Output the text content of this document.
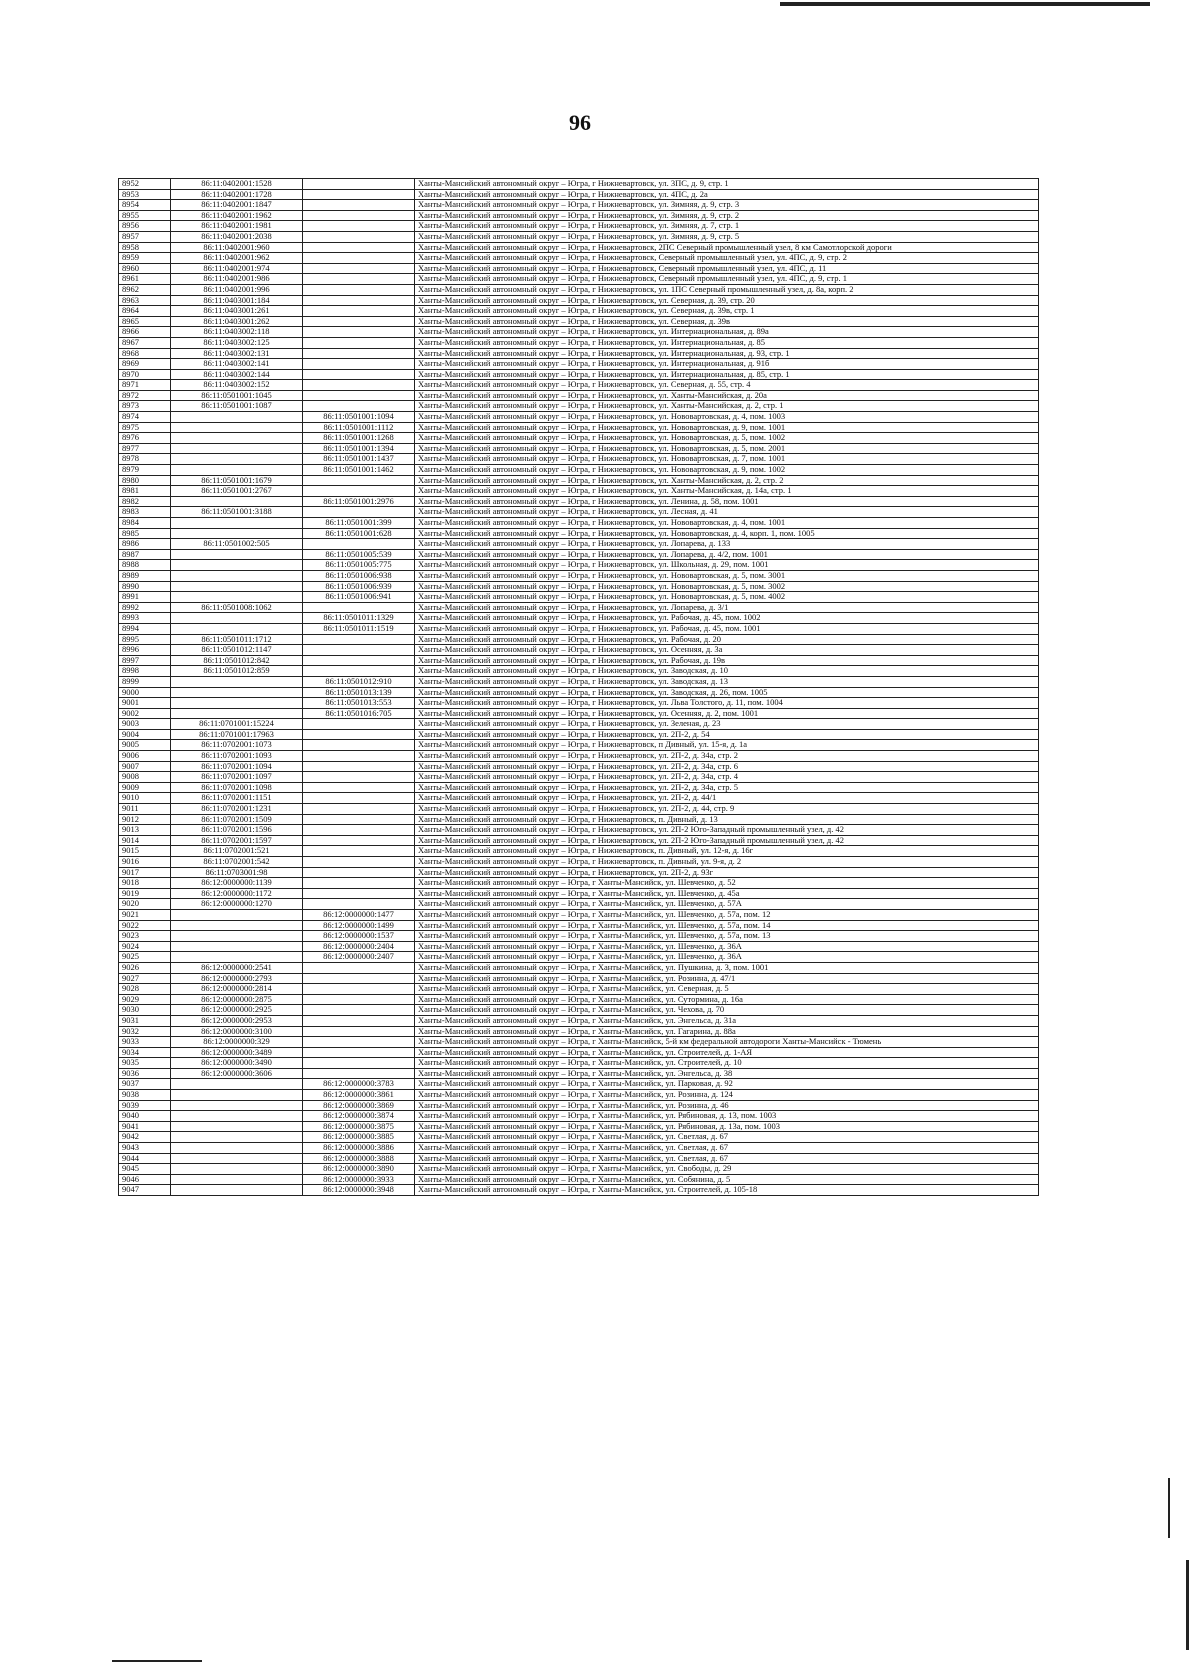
96
8952	86:11:0402001:1528		Ханты-Мансийский автономный округ – Югра, г Нижневартовск, ул. 3ПС, д. 9, стр. 1
8953	86:11:0402001:1728		Ханты-Мансийский автономный округ – Югра, г Нижневартовск, ул. 4ПС, д. 2а
8954	86:11:0402001:1847		Ханты-Мансийский автономный округ – Югра, г Нижневартовск, ул. Зимняя, д. 9, стр. 3
8955	86:11:0402001:1962		Ханты-Мансийский автономный округ – Югра, г Нижневартовск, ул. Зимняя, д. 9, стр. 2
8956	86:11:0402001:1981		Ханты-Мансийский автономный округ – Югра, г Нижневартовск, ул. Зимняя, д. 7, стр. 1
8957	86:11:0402001:2038		Ханты-Мансийский автономный округ – Югра, г Нижневартовск, ул. Зимняя, д. 9, стр. 5
8958	86:11:0402001:960		Ханты-Мансийский автономный округ – Югра, г Нижневартовск, 2ПС Северный промышленный узел, 8 км Самотлорской дороги
8959	86:11:0402001:962		Ханты-Мансийский автономный округ – Югра, г Нижневартовск, Северный промышленный узел, ул. 4ПС, д. 9, стр. 2
8960	86:11:0402001:974		Ханты-Мансийский автономный округ – Югра, г Нижневартовск, Северный промышленный узел, ул. 4ПС, д. 11
8961	86:11:0402001:986		Ханты-Мансийский автономный округ – Югра, г Нижневартовск, Северный промышленный узел, ул. 4ПС, д. 9, стр. 1
8962	86:11:0402001:996		Ханты-Мансийский автономный округ – Югра, г Нижневартовск, ул. 1ПС Северный промышленный узел, д. 8а, корп. 2
8963	86:11:0403001:184		Ханты-Мансийский автономный округ – Югра, г Нижневартовск, ул. Северная, д. 39, стр. 20
8964	86:11:0403001:261		Ханты-Мансийский автономный округ – Югра, г Нижневартовск, ул. Северная, д. 39в, стр. 1
8965	86:11:0403001:262		Ханты-Мансийский автономный округ – Югра, г Нижневартовск, ул. Северная, д. 39в
8966	86:11:0403002:118		Ханты-Мансийский автономный округ – Югра, г Нижневартовск, ул. Интернациональная, д. 89а
8967	86:11:0403002:125		Ханты-Мансийский автономный округ – Югра, г Нижневартовск, ул. Интернациональная, д. 85
8968	86:11:0403002:131		Ханты-Мансийский автономный округ – Югра, г Нижневартовск, ул. Интернациональная, д. 93, стр. 1
8969	86:11:0403002:141		Ханты-Мансийский автономный округ – Югра, г Нижневартовск, ул. Интернациональная, д. 91б
8970	86:11:0403002:144		Ханты-Мансийский автономный округ – Югра, г Нижневартовск, ул. Интернациональная, д. 85, стр. 1
8971	86:11:0403002:152		Ханты-Мансийский автономный округ – Югра, г Нижневартовск, ул. Северная, д. 55, стр. 4
8972	86:11:0501001:1045		Ханты-Мансийский автономный округ – Югра, г Нижневартовск, ул. Ханты-Мансийская, д. 20а
8973	86:11:0501001:1087		Ханты-Мансийский автономный округ – Югра, г Нижневартовск, ул. Ханты-Мансийская, д. 2, стр. 1
8974		86:11:0501001:1094	Ханты-Мансийский автономный округ – Югра, г Нижневартовск, ул. Нововартовская, д. 4, пом. 1003
8975		86:11:0501001:1112	Ханты-Мансийский автономный округ – Югра, г Нижневартовск, ул. Нововартовская, д. 9, пом. 1001
8976		86:11:0501001:1268	Ханты-Мансийский автономный округ – Югра, г Нижневартовск, ул. Нововартовская, д. 5, пом. 1002
8977		86:11:0501001:1394	Ханты-Мансийский автономный округ – Югра, г Нижневартовск, ул. Нововартовская, д. 5, пом. 2001
8978		86:11:0501001:1437	Ханты-Мансийский автономный округ – Югра, г Нижневартовск, ул. Нововартовская, д. 7, пом. 1001
8979		86:11:0501001:1462	Ханты-Мансийский автономный округ – Югра, г Нижневартовск, ул. Нововартовская, д. 9, пом. 1002
8980	86:11:0501001:1679		Ханты-Мансийский автономный округ – Югра, г Нижневартовск, ул. Ханты-Мансийская, д. 2, стр. 2
8981	86:11:0501001:2767		Ханты-Мансийский автономный округ – Югра, г Нижневартовск, ул. Ханты-Мансийская, д. 14а, стр. 1
8982		86:11:0501001:2976	Ханты-Мансийский автономный округ – Югра, г Нижневартовск, ул. Ленина, д. 58, пом. 1001
8983	86:11:0501001:3188		Ханты-Мансийский автономный округ – Югра, г Нижневартовск, ул. Лесная, д. 41
8984		86:11:0501001:399	Ханты-Мансийский автономный округ – Югра, г Нижневартовск, ул. Нововартовская, д. 4, пом. 1001
8985		86:11:0501001:628	Ханты-Мансийский автономный округ – Югра, г Нижневартовск, ул. Нововартовская, д. 4, корп. 1, пом. 1005
8986	86:11:0501002:505		Ханты-Мансийский автономный округ – Югра, г Нижневартовск, ул. Лопарева, д. 133
8987		86:11:0501005:539	Ханты-Мансийский автономный округ – Югра, г Нижневартовск, ул. Лопарева, д. 4/2, пом. 1001
8988		86:11:0501005:775	Ханты-Мансийский автономный округ – Югра, г Нижневартовск, ул. Школьная, д. 29, пом. 1001
8989		86:11:0501006:938	Ханты-Мансийский автономный округ – Югра, г Нижневартовск, ул. Нововартовская, д. 5, пом. 3001
8990		86:11:0501006:939	Ханты-Мансийский автономный округ – Югра, г Нижневартовск, ул. Нововартовская, д. 5, пом. 3002
8991		86:11:0501006:941	Ханты-Мансийский автономный округ – Югра, г Нижневартовск, ул. Нововартовская, д. 5, пом. 4002
8992	86:11:0501008:1062		Ханты-Мансийский автономный округ – Югра, г Нижневартовск, ул. Лопарева, д. 3/1
8993		86:11:0501011:1329	Ханты-Мансийский автономный округ – Югра, г Нижневартовск, ул. Рабочая, д. 45, пом. 1002
8994		86:11:0501011:1519	Ханты-Мансийский автономный округ – Югра, г Нижневартовск, ул. Рабочая, д. 45, пом. 1001
8995	86:11:0501011:1712		Ханты-Мансийский автономный округ – Югра, г Нижневартовск, ул. Рабочая, д. 20
8996	86:11:0501012:1147		Ханты-Мансийский автономный округ – Югра, г Нижневартовск, ул. Осенняя, д. 3а
8997	86:11:0501012:842		Ханты-Мансийский автономный округ – Югра, г Нижневартовск, ул. Рабочая, д. 19в
8998	86:11:0501012:859		Ханты-Мансийский автономный округ – Югра, г Нижневартовск, ул. Заводская, д. 10
8999		86:11:0501012:910	Ханты-Мансийский автономный округ – Югра, г Нижневартовск, ул. Заводская, д. 13
9000		86:11:0501013:139	Ханты-Мансийский автономный округ – Югра, г Нижневартовск, ул. Заводская, д. 26, пом. 1005
9001		86:11:0501013:553	Ханты-Мансийский автономный округ – Югра, г Нижневартовск, ул. Льва Толстого, д. 11, пом. 1004
9002		86:11:0501016:705	Ханты-Мансийский автономный округ – Югра, г Нижневартовск, ул. Осенняя, д. 2, пом. 1001
9003	86:11:0701001:15224		Ханты-Мансийский автономный округ – Югра, г Нижневартовск, ул. Зеленая, д. 23
9004	86:11:0701001:17963		Ханты-Мансийский автономный округ – Югра, г Нижневартовск, ул. 2П-2, д. 54
9005	86:11:0702001:1073		Ханты-Мансийский автономный округ – Югра, г Нижневартовск, п Дивный, ул. 15-я, д. 1а
9006	86:11:0702001:1093		Ханты-Мансийский автономный округ – Югра, г Нижневартовск, ул. 2П-2, д. 34а, стр. 2
9007	86:11:0702001:1094		Ханты-Мансийский автономный округ – Югра, г Нижневартовск, ул. 2П-2, д. 34а, стр. 6
9008	86:11:0702001:1097		Ханты-Мансийский автономный округ – Югра, г Нижневартовск, ул. 2П-2, д. 34а, стр. 4
9009	86:11:0702001:1098		Ханты-Мансийский автономный округ – Югра, г Нижневартовск, ул. 2П-2, д. 34а, стр. 5
9010	86:11:0702001:1151		Ханты-Мансийский автономный округ – Югра, г Нижневартовск, ул. 2П-2, д. 44/1
9011	86:11:0702001:1231		Ханты-Мансийский автономный округ – Югра, г Нижневартовск, ул. 2П-2, д. 44, стр. 9
9012	86:11:0702001:1509		Ханты-Мансийский автономный округ – Югра, г Нижневартовск, п. Дивный, д. 13
9013	86:11:0702001:1596		Ханты-Мансийский автономный округ – Югра, г Нижневартовск, ул. 2П-2 Юго-Западный промышленный узел, д. 42
9014	86:11:0702001:1597		Ханты-Мансийский автономный округ – Югра, г Нижневартовск, ул. 2П-2 Юго-Западный промышленный узел, д. 42
9015	86:11:0702001:521		Ханты-Мансийский автономный округ – Югра, г Нижневартовск, п. Дивный, ул. 12-я, д. 16г
9016	86:11:0702001:542		Ханты-Мансийский автономный округ – Югра, г Нижневартовск, п. Дивный, ул. 9-я, д. 2
9017	86:11:0703001:98		Ханты-Мансийский автономный округ – Югра, г Нижневартовск, ул. 2П-2, д. 93г
9018	86:12:0000000:1139		Ханты-Мансийский автономный округ – Югра, г Ханты-Мансийск, ул. Шевченко, д. 52
9019	86:12:0000000:1172		Ханты-Мансийский автономный округ – Югра, г Ханты-Мансийск, ул. Шевченко, д. 45а
9020	86:12:0000000:1270		Ханты-Мансийский автономный округ – Югра, г Ханты-Мансийск, ул. Шевченко, д. 57А
9021		86:12:0000000:1477	Ханты-Мансийский автономный округ – Югра, г Ханты-Мансийск, ул. Шевченко, д. 57а, пом. 12
9022		86:12:0000000:1499	Ханты-Мансийский автономный округ – Югра, г Ханты-Мансийск, ул. Шевченко, д. 57а, пом. 14
9023		86:12:0000000:1537	Ханты-Мансийский автономный округ – Югра, г Ханты-Мансийск, ул. Шевченко, д. 57а, пом. 13
9024		86:12:0000000:2404	Ханты-Мансийский автономный округ – Югра, г Ханты-Мансийск, ул. Шевченко, д. 36А
9025		86:12:0000000:2407	Ханты-Мансийский автономный округ – Югра, г Ханты-Мансийск, ул. Шевченко, д. 36А
9026	86:12:0000000:2541		Ханты-Мансийский автономный округ – Югра, г Ханты-Мансийск, ул. Пушкина, д. 3, пом. 1001
9027	86:12:0000000:2793		Ханты-Мансийский автономный округ – Югра, г Ханты-Мансийск, ул. Розинна, д. 47/1
9028	86:12:0000000:2814		Ханты-Мансийский автономный округ – Югра, г Ханты-Мансийск, ул. Северная, д. 5
9029	86:12:0000000:2875		Ханты-Мансийский автономный округ – Югра, г Ханты-Мансийск, ул. Сутормина, д. 16а
9030	86:12:0000000:2925		Ханты-Мансийский автономный округ – Югра, г Ханты-Мансийск, ул. Чехова, д. 70
9031	86:12:0000000:2953		Ханты-Мансийский автономный округ – Югра, г Ханты-Мансийск, ул. Энгельса, д. 31а
9032	86:12:0000000:3100		Ханты-Мансийский автономный округ – Югра, г Ханты-Мансийск, ул. Гагарина, д. 88а
9033	86:12:0000000:329		Ханты-Мансийский автономный округ – Югра, г Ханты-Мансийск, 5-й км федеральной автодороги Ханты-Мансийск - Тюмень
9034	86:12:0000000:3489		Ханты-Мансийский автономный округ – Югра, г Ханты-Мансийск, ул. Строителей, д. 1-АЯ
9035	86:12:0000000:3490		Ханты-Мансийский автономный округ – Югра, г Ханты-Мансийск, ул. Строителей, д. 10
9036	86:12:0000000:3606		Ханты-Мансийский автономный округ – Югра, г Ханты-Мансийск, ул. Энгельса, д. 38
9037		86:12:0000000:3783	Ханты-Мансийский автономный округ – Югра, г Ханты-Мансийск, ул. Парковая, д. 92
9038		86:12:0000000:3861	Ханты-Мансийский автономный округ – Югра, г Ханты-Мансийск, ул. Розинна, д. 124
9039		86:12:0000000:3869	Ханты-Мансийский автономный округ – Югра, г Ханты-Мансийск, ул. Розинна, д. 46
9040		86:12:0000000:3874	Ханты-Мансийский автономный округ – Югра, г Ханты-Мансийск, ул. Рябиновая, д. 13, пом. 1003
9041		86:12:0000000:3875	Ханты-Мансийский автономный округ – Югра, г Ханты-Мансийск, ул. Рябиновая, д. 13а, пом. 1003
9042		86:12:0000000:3885	Ханты-Мансийский автономный округ – Югра, г Ханты-Мансийск, ул. Светлая, д. 67
9043		86:12:0000000:3886	Ханты-Мансийский автономный округ – Югра, г Ханты-Мансийск, ул. Светлая, д. 67
9044		86:12:0000000:3888	Ханты-Мансийский автономный округ – Югра, г Ханты-Мансийск, ул. Светлая, д. 67
9045		86:12:0000000:3890	Ханты-Мансийский автономный округ – Югра, г Ханты-Мансийск, ул. Свободы, д. 29
9046		86:12:0000000:3933	Ханты-Мансийский автономный округ – Югра, г Ханты-Мансийск, ул. Собянина, д. 5
9047		86:12:0000000:3948	Ханты-Мансийский автономный округ – Югра, г Ханты-Мансийск, ул. Строителей, д. 105-18
